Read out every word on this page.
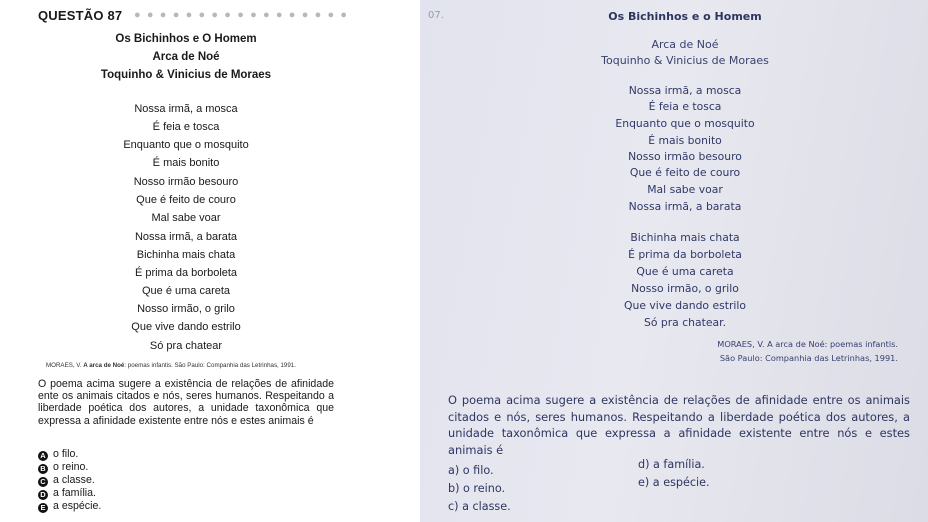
QUESTÃO 87 ● ● ● ● ● ● ● ● ● ● ● ● ● ● ● ● ●
Os Bichinhos e O Homem
Arca de Noé
Toquinho & Vinicius de Moraes
Nossa irmã, a mosca
É feia e tosca
Enquanto que o mosquito
É mais bonito
Nosso irmão besouro
Que é feito de couro
Mal sabe voar
Nossa irmã, a barata
Bichinha mais chata
É prima da borboleta
Que é uma careta
Nosso irmão, o grilo
Que vive dando estrilo
Só pra chatear
MORAES, V. A arca de Noé: poemas infantis. São Paulo: Companhia das Letrinhas, 1991.
O poema acima sugere a existência de relações de afinidade ente os animais citados e nós, seres humanos. Respeitando a liberdade poética dos autores, a unidade taxonômica que expressa a afinidade existente entre nós e estes animais é
A o filo.
B o reino.
C a classe.
D a família.
E a espécie.
07.	Os Bichinhos e o Homem
Arca de Noé
Toquinho & Vinicius de Moraes
Nossa irmã, a mosca
É feia e tosca
Enquanto que o mosquito
É mais bonito
Nosso irmão besouro
Que é feito de couro
Mal sabe voar
Nossa irmã, a barata
Bichinha mais chata
É prima da borboleta
Que é uma careta
Nosso irmão, o grilo
Que vive dando estrilo
Só pra chatear.
MORAES, V. A arca de Noé: poemas infantis.
São Paulo: Companhia das Letrinhas, 1991.
O poema acima sugere a existência de relações de afinidade entre os animais citados e nós, seres humanos. Respeitando a liberdade poética dos autores, a unidade taxonômica que expressa a afinidade existente entre nós e estes animais é
a) o filo.
b) o reino.
c) a classe.
d) a família.
e) a espécie.
